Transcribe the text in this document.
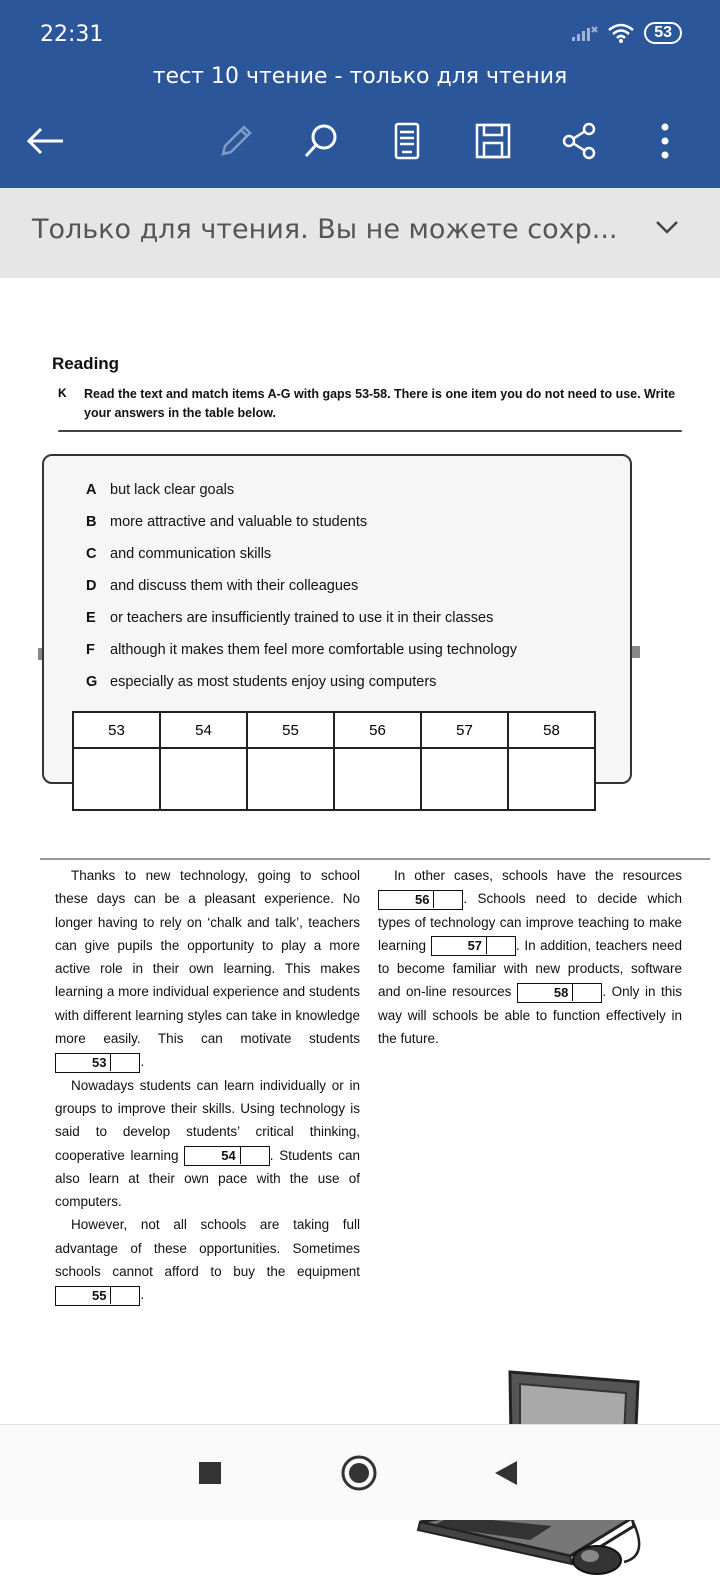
22:31	53
тест 10 чтение - только для чтения
Только для чтения. Вы не можете сохр...
Reading
K Read the text and match items A-G with gaps 53-58. There is one item you do not need to use. Write your answers in the table below.
A but lack clear goals
B more attractive and valuable to students
C and communication skills
D and discuss them with their colleagues
E or teachers are insufficiently trained to use it in their classes
F although it makes them feel more comfortable using technology
G especially as most students enjoy using computers
53	54	55	56	57	58

Thanks to new technology, going to school these days can be a pleasant experience. No longer having to rely on ‘chalk and talk’, teachers can give pupils the opportunity to play a more active role in their own learning. This makes learning a more individual experience and students with different learning styles can take in knowledge more easily. This can motivate students 53	.

Nowadays students can learn individually or in groups to improve their skills. Using technology is said to develop students’ critical thinking, cooperative learning	54	. Students can also learn at their own pace with the use of computers.

However, not all schools are taking full advantage of these opportunities. Sometimes schools cannot afford to buy the equipment 55	.

In other cases, schools have the resources 56	. Schools need to decide which types of technology can improve teaching to make learning	57	. In addition, teachers need to become familiar with new products, software and on-line resources	58	. Only in this way will schools be able to function effectively in the future.
